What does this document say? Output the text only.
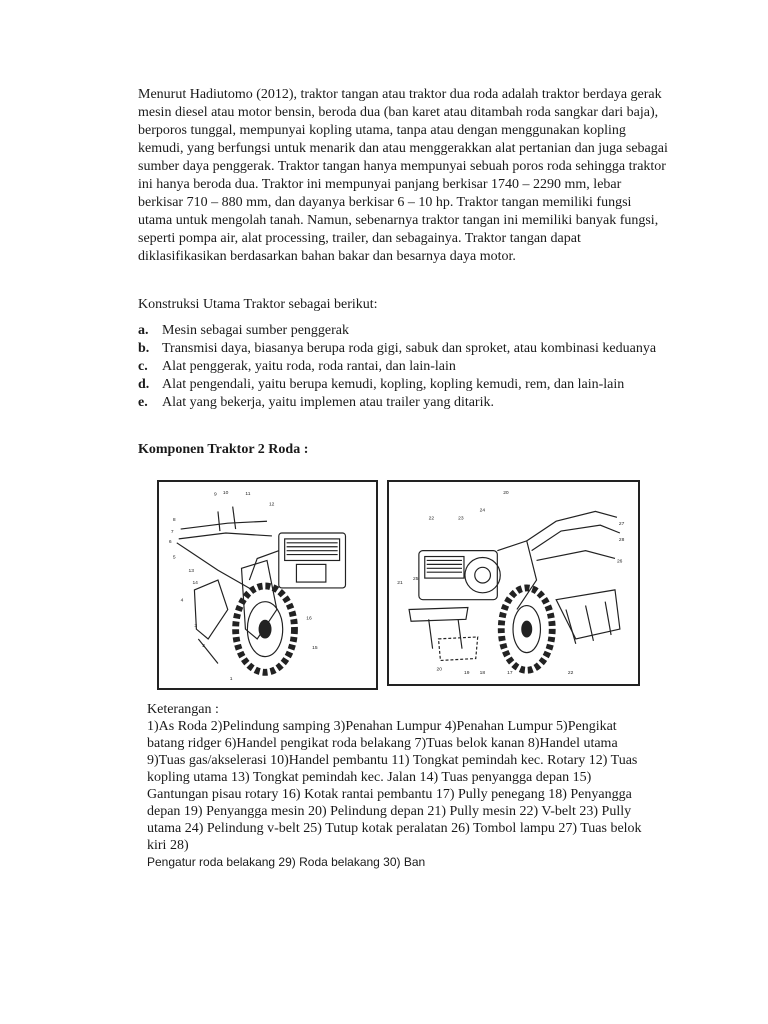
Menurut Hadiutomo (2012), traktor tangan atau traktor dua roda adalah traktor berdaya gerak mesin diesel atau motor bensin, beroda dua (ban karet atau ditambah roda sangkar dari baja), berporos tunggal, mempunyai kopling utama, tanpa atau dengan menggunakan kopling kemudi, yang berfungsi untuk menarik dan atau menggerakkan alat pertanian dan juga sebagai sumber daya penggerak. Traktor tangan hanya mempunyai sebuah poros roda sehingga traktor ini hanya beroda dua. Traktor ini mempunyai panjang berkisar 1740 – 2290 mm, lebar berkisar 710 – 880 mm, dan dayanya berkisar 6 – 10 hp. Traktor tangan memiliki fungsi utama untuk mengolah tanah. Namun, sebenarnya traktor tangan ini memiliki banyak fungsi, seperti pompa air, alat processing, trailer, dan sebagainya. Traktor tangan dapat diklasifikasikan berdasarkan bahan bakar dan besarnya daya motor.

Konstruksi Utama Traktor sebagai berikut:

a. Mesin sebagai sumber penggerak
b. Transmisi daya, biasanya berupa roda gigi, sabuk dan sproket, atau kombinasi keduanya
c.	Alat penggerak, yaitu roda, roda rantai, dan lain-lain
d. Alat pengendali, yaitu berupa kemudi, kopling, kopling kemudi, rem, dan lain-lain
e.	Alat yang bekerja, yaitu implemen atau trailer yang ditarik.
Komponen Traktor 2 Roda :
9 10	11
12
8
7
6
5
13
14
4
3
2
1
15
16
20
22	23
24
27
28
26
21
25
20
19 18	17	22
Keterangan :
1)As Roda 2)Pelindung samping 3)Penahan Lumpur 4)Penahan Lumpur 5)Pengikat batang ridger 6)Handel pengikat roda belakang 7)Tuas belok kanan 8)Handel utama 9)Tuas gas/akselerasi 10)Handel pembantu 11) Tongkat pemindah kec. Rotary 12) Tuas kopling utama 13) Tongkat pemindah kec. Jalan 14) Tuas penyangga depan 15) Gantungan pisau rotary 16) Kotak rantai pembantu 17) Pully penegang 18) Penyangga depan 19) Penyangga mesin 20) Pelindung depan 21) Pully mesin 22) V-belt 23) Pully utama 24) Pelindung v-belt 25) Tutup kotak peralatan 26) Tombol lampu 27) Tuas belok kiri 28)
Pengatur roda belakang 29) Roda belakang 30) Ban
